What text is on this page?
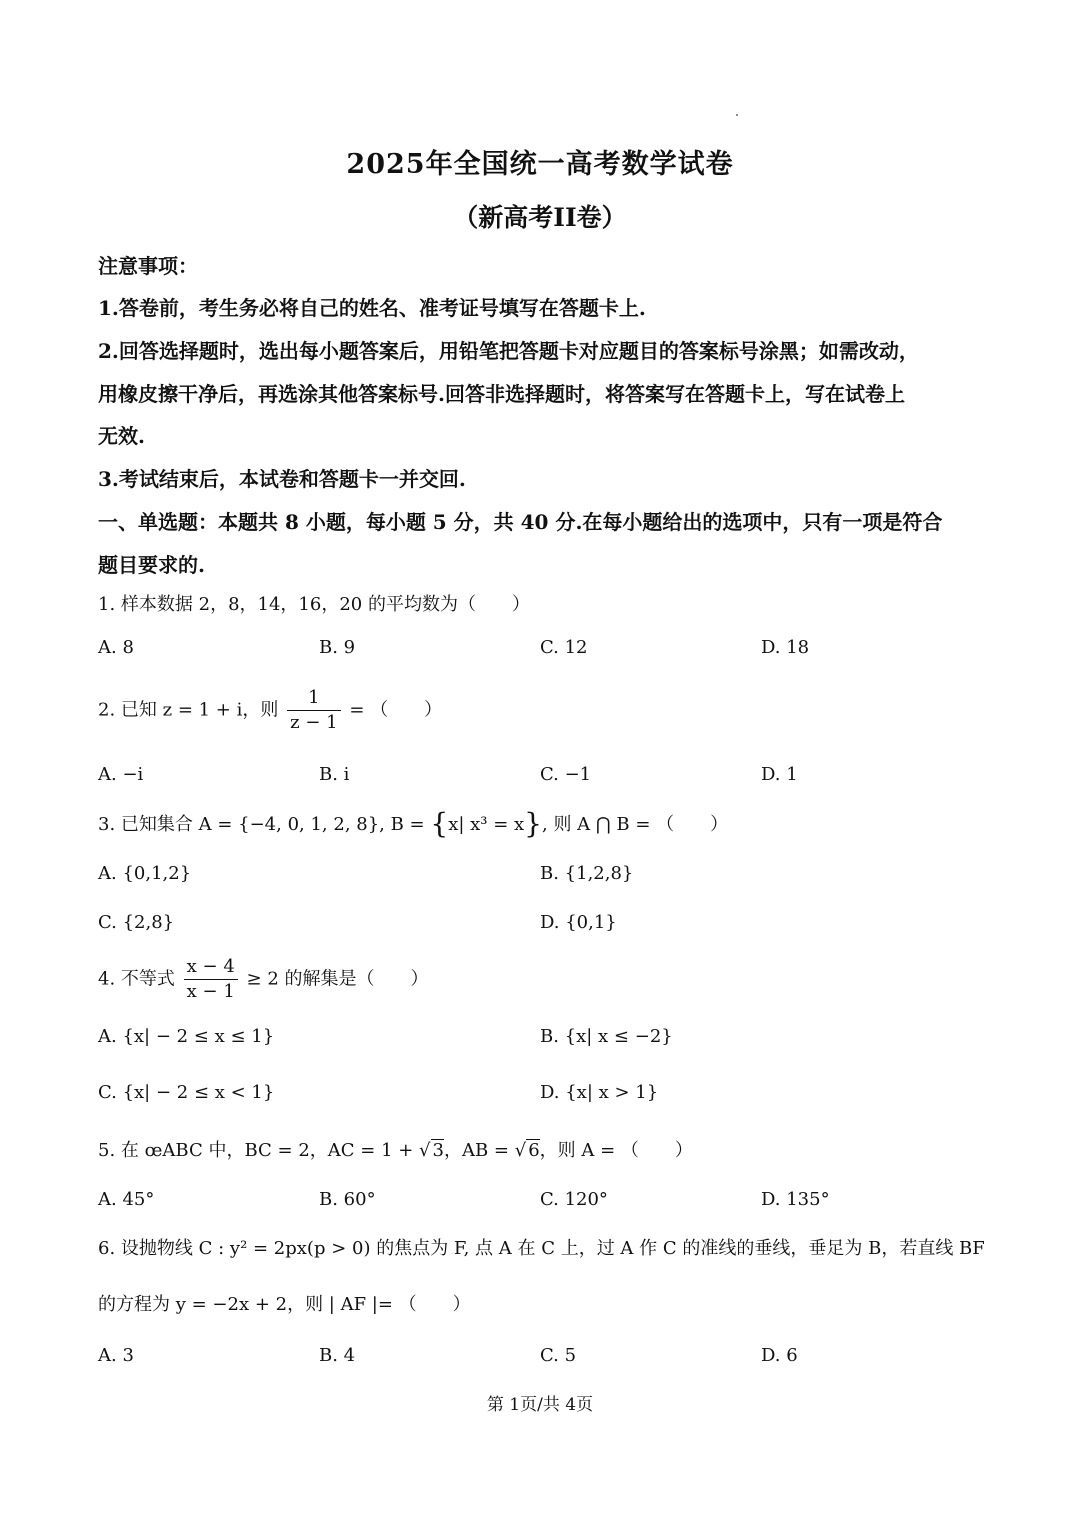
2025年全国统一高考数学试卷
（新高考II卷）
注意事项：
1.答卷前，考生务必将自己的姓名、准考证号填写在答题卡上.
2.回答选择题时，选出每小题答案后，用铅笔把答题卡对应题目的答案标号涂黑；如需改动，
用橡皮擦干净后，再选涂其他答案标号.回答非选择题时，将答案写在答题卡上，写在试卷上
无效.
3.考试结束后，本试卷和答题卡一并交回.
一、单选题：本题共 8 小题，每小题 5 分，共 40 分.在每小题给出的选项中，只有一项是符合
题目要求的.
1. 样本数据 2，8，14，16，20 的平均数为（　　）
A. 8	B. 9	C. 12	D. 18
2. 已知 z = 1 + i，则 $\frac{1}{z - 1}$ = （　　）
A. −i	B. i	C. −1	D. 1
3. 已知集合 A = {−4, 0, 1, 2, 8}, B = {x| x³ = x}, 则 A ⋂ B = （　　）
A. {0,1,2}	B. {1,2,8}
C. {2,8}	D. {0,1}
4. 不等式 $\frac{x - 4}{x - 1} \ge 2$ 的解集是（　　）
A. {x| − 2 ≤ x ≤ 1}	B. {x| x ≤ −2}
C. {x| − 2 ≤ x < 1}	D. {x| x > 1}
5. 在 œABC 中，BC = 2，AC = 1 + √ 3，AB = √ 6，则 A = （　　）
A. 45°	B. 60°	C. 120°	D. 135°
6. 设抛物线 C : y² = 2px(p > 0) 的焦点为 F, 点 A 在 C 上，过 A 作 C 的准线的垂线，垂足为 B，若直线 BF
的方程为 y = −2x + 2，则 | AF |= （　　）
A. 3	B. 4	C. 5	D. 6
第 1页/共 4页
